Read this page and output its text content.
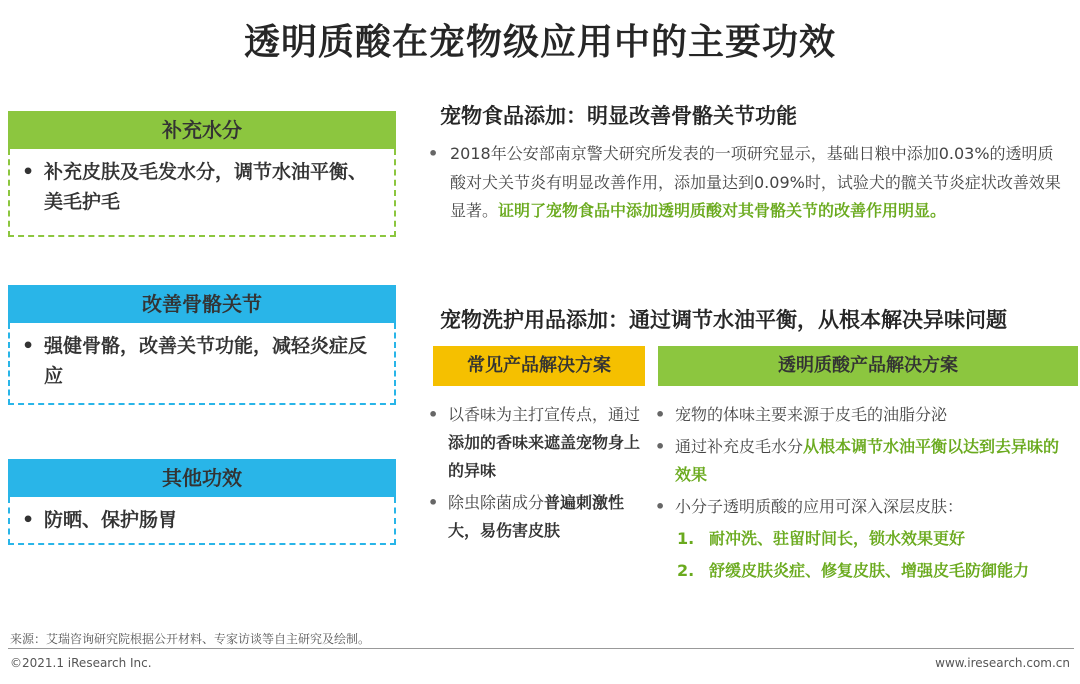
透明质酸在宠物级应用中的主要功效
补充水分
• 补充皮肤及毛发水分，调节水油平衡、美毛护毛
改善骨骼关节
• 强健骨骼，改善关节功能，减轻炎症反应
其他功效
• 防晒、保护肠胃
宠物食品添加：明显改善骨骼关节功能
• 2018年公安部南京警犬研究所发表的一项研究显示，基础日粮中添加0.03%的透明质酸对犬关节炎有明显改善作用，添加量达到0.09%时，试验犬的髋关节炎症状改善效果显著。证明了宠物食品中添加透明质酸对其骨骼关节的改善作用明显。
宠物洗护用品添加：通过调节水油平衡，从根本解决异味问题
常见产品解决方案	透明质酸产品解决方案
• 以香味为主打宣传点，通过添加的香味来遮盖宠物身上的异味
• 除虫除菌成分普遍刺激性大，易伤害皮肤
• 宠物的体味主要来源于皮毛的油脂分泌
• 通过补充皮毛水分从根本调节水油平衡以达到去异味的效果
• 小分子透明质酸的应用可深入深层皮肤：
1. 耐冲洗、驻留时间长，锁水效果更好
2. 舒缓皮肤炎症、修复皮肤、增强皮毛防御能力
来源：艾瑞咨询研究院根据公开材料、专家访谈等自主研究及绘制。
©2021.1 iResearch Inc.	www.iresearch.com.cn
